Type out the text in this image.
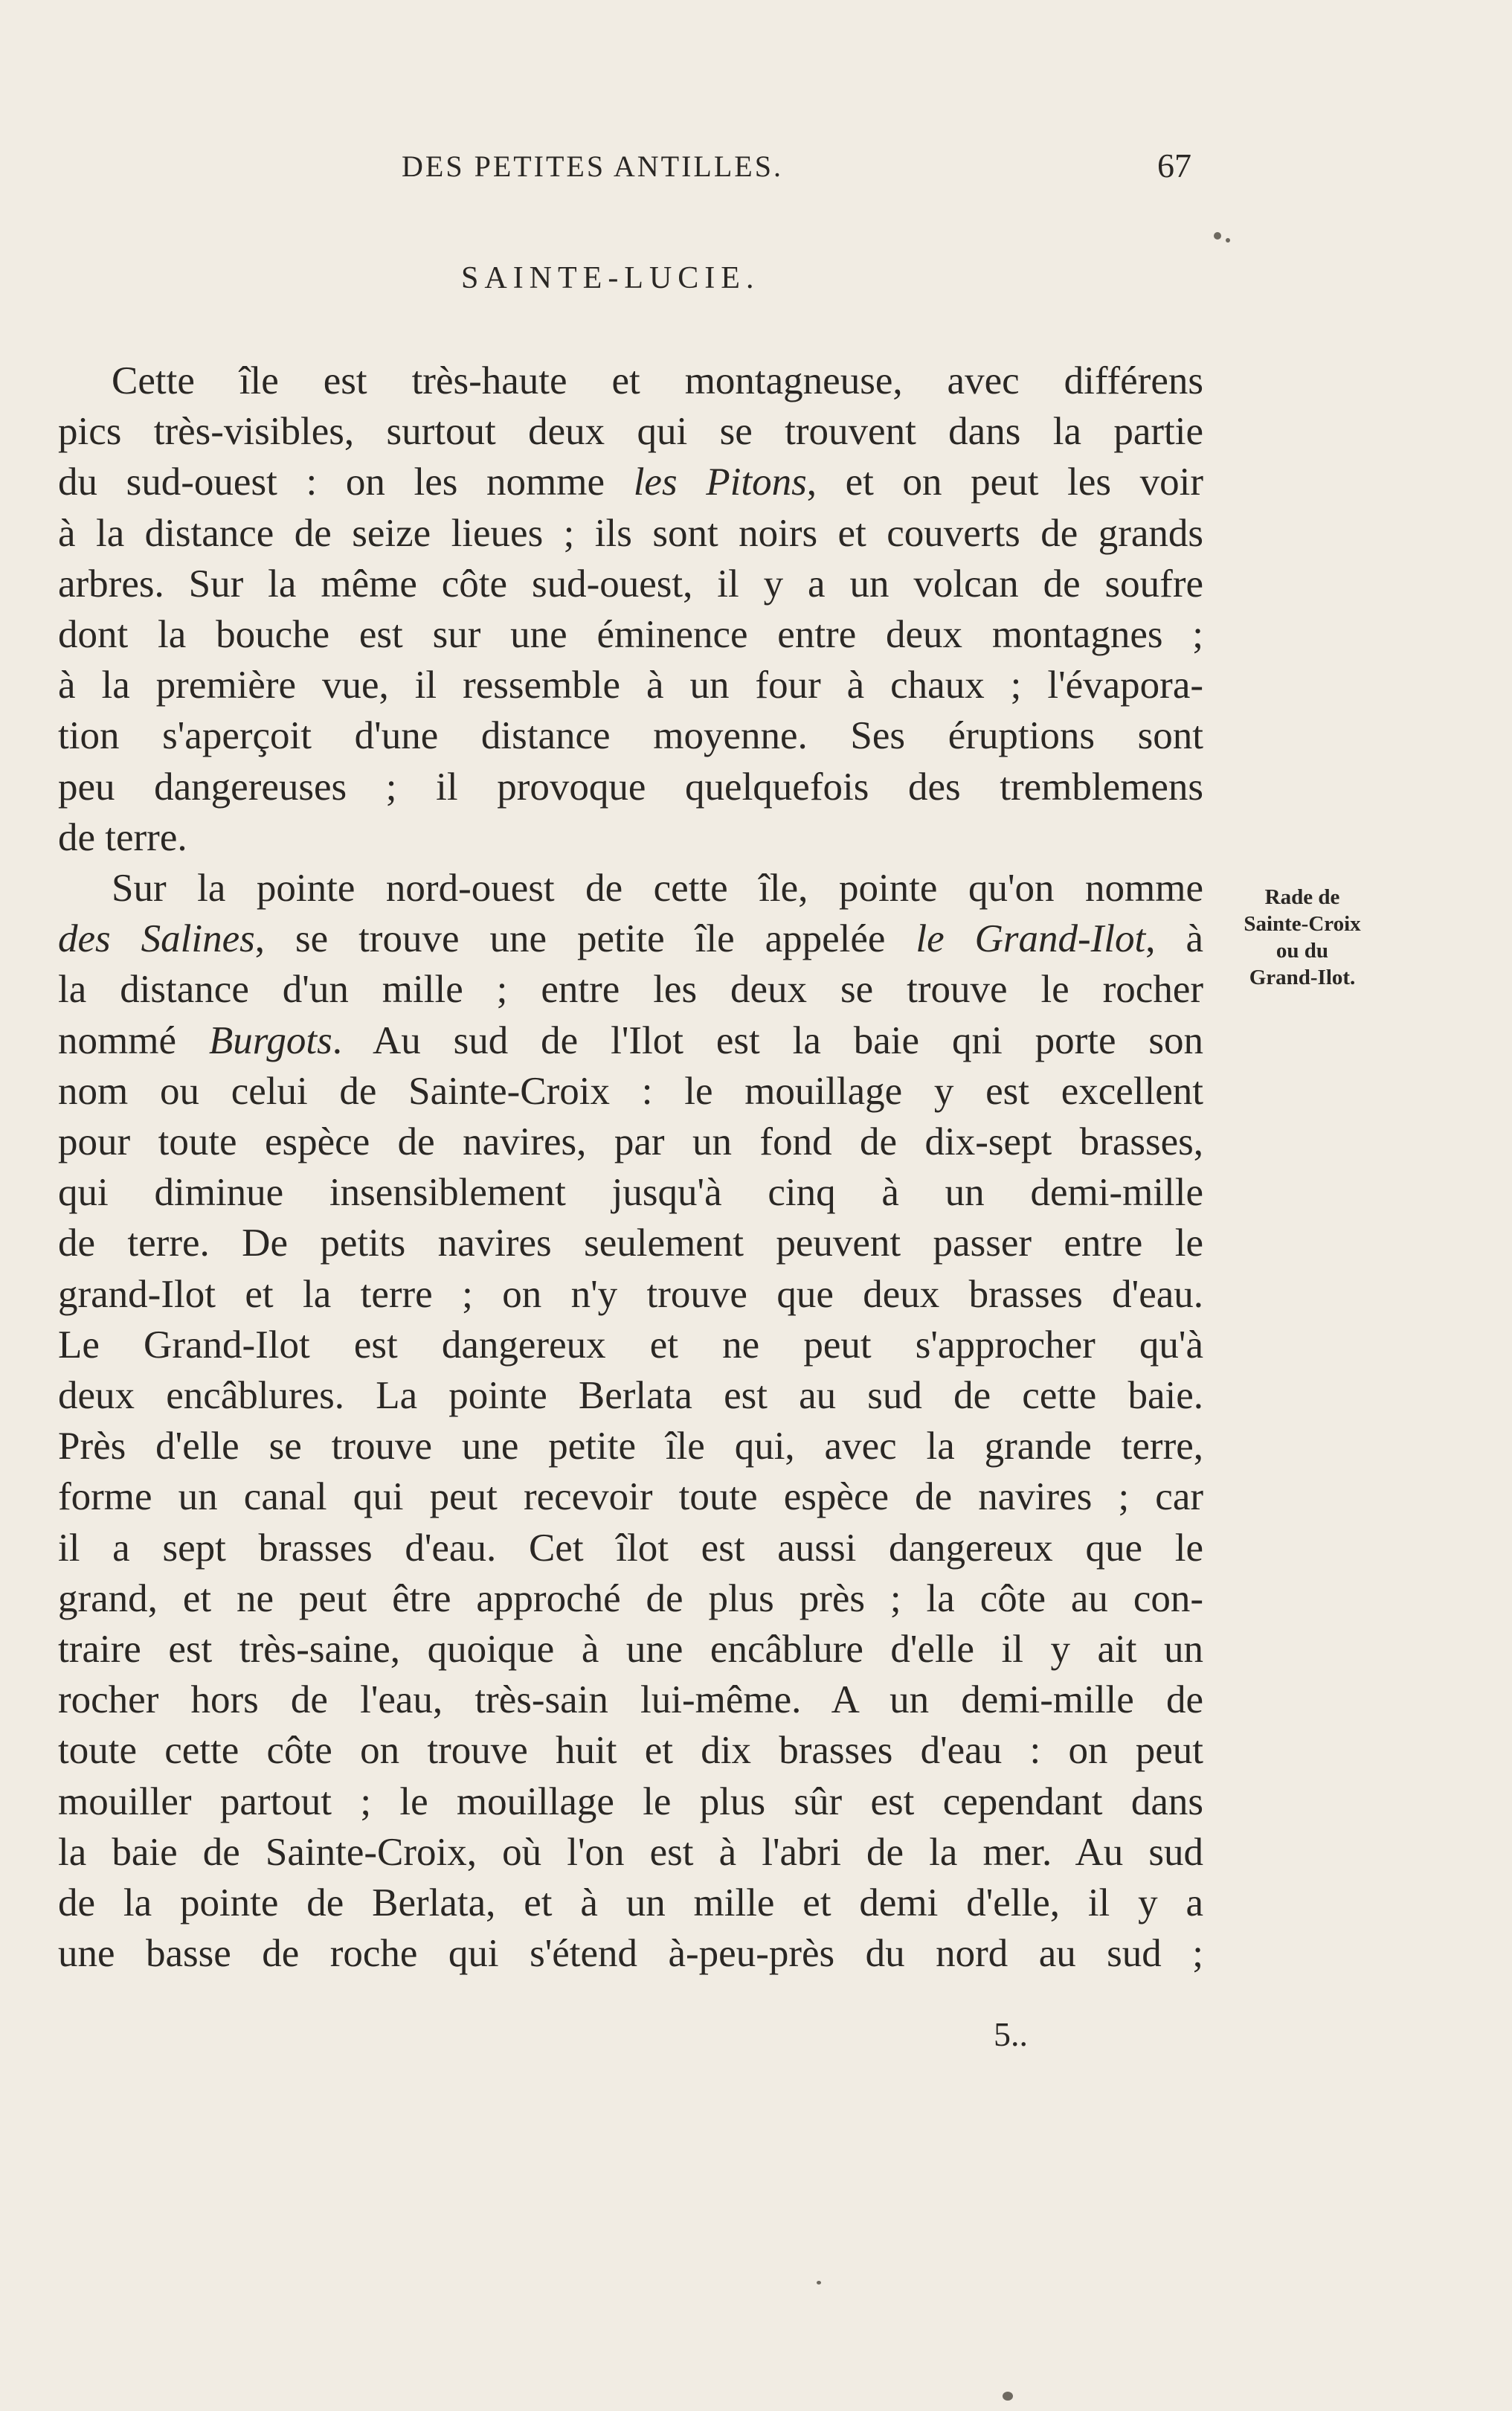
DES PETITES ANTILLES.	67
SAINTE-LUCIE.

Cette île est très-haute et montagneuse, avec différens
pics très-visibles, surtout deux qui se trouvent dans la partie
du sud-ouest : on les nomme les Pitons, et on peut les voir
à la distance de seize lieues ; ils sont noirs et couverts de grands
arbres. Sur la même côte sud-ouest, il y a un volcan de soufre
dont la bouche est sur une éminence entre deux montagnes ;
à la première vue, il ressemble à un four à chaux ; l'évapora-
tion s'aperçoit d'une distance moyenne. Ses éruptions sont
peu dangereuses ; il provoque quelquefois des tremblemens
de terre.

Sur la pointe nord-ouest de cette île, pointe qu'on nomme
des Salines, se trouve une petite île appelée le Grand-Ilot, à
la distance d'un mille ; entre les deux se trouve le rocher
nommé Burgots. Au sud de l'Ilot est la baie qni porte son
nom ou celui de Sainte-Croix : le mouillage y est excellent
pour toute espèce de navires, par un fond de dix-sept brasses,
qui diminue insensiblement jusqu'à cinq à un demi-mille
de terre. De petits navires seulement peuvent passer entre le
grand-Ilot et la terre ; on n'y trouve que deux brasses d'eau.
Le Grand-Ilot est dangereux et ne peut s'approcher qu'à
deux encâblures. La pointe Berlata est au sud de cette baie.
Près d'elle se trouve une petite île qui, avec la grande terre,
forme un canal qui peut recevoir toute espèce de navires ; car
il a sept brasses d'eau. Cet îlot est aussi dangereux que le
grand, et ne peut être approché de plus près ; la côte au con-
traire est très-saine, quoique à une encâblure d'elle il y ait un
rocher hors de l'eau, très-sain lui-même. A un demi-mille de
toute cette côte on trouve huit et dix brasses d'eau : on peut
mouiller partout ; le mouillage le plus sûr est cependant dans
la baie de Sainte-Croix, où l'on est à l'abri de la mer. Au sud
de la pointe de Berlata, et à un mille et demi d'elle, il y a
une basse de roche qui s'étend à-peu-près du nord au sud ;

Rade de
Sainte-Croix
ou du
Grand-Ilot.
5..
